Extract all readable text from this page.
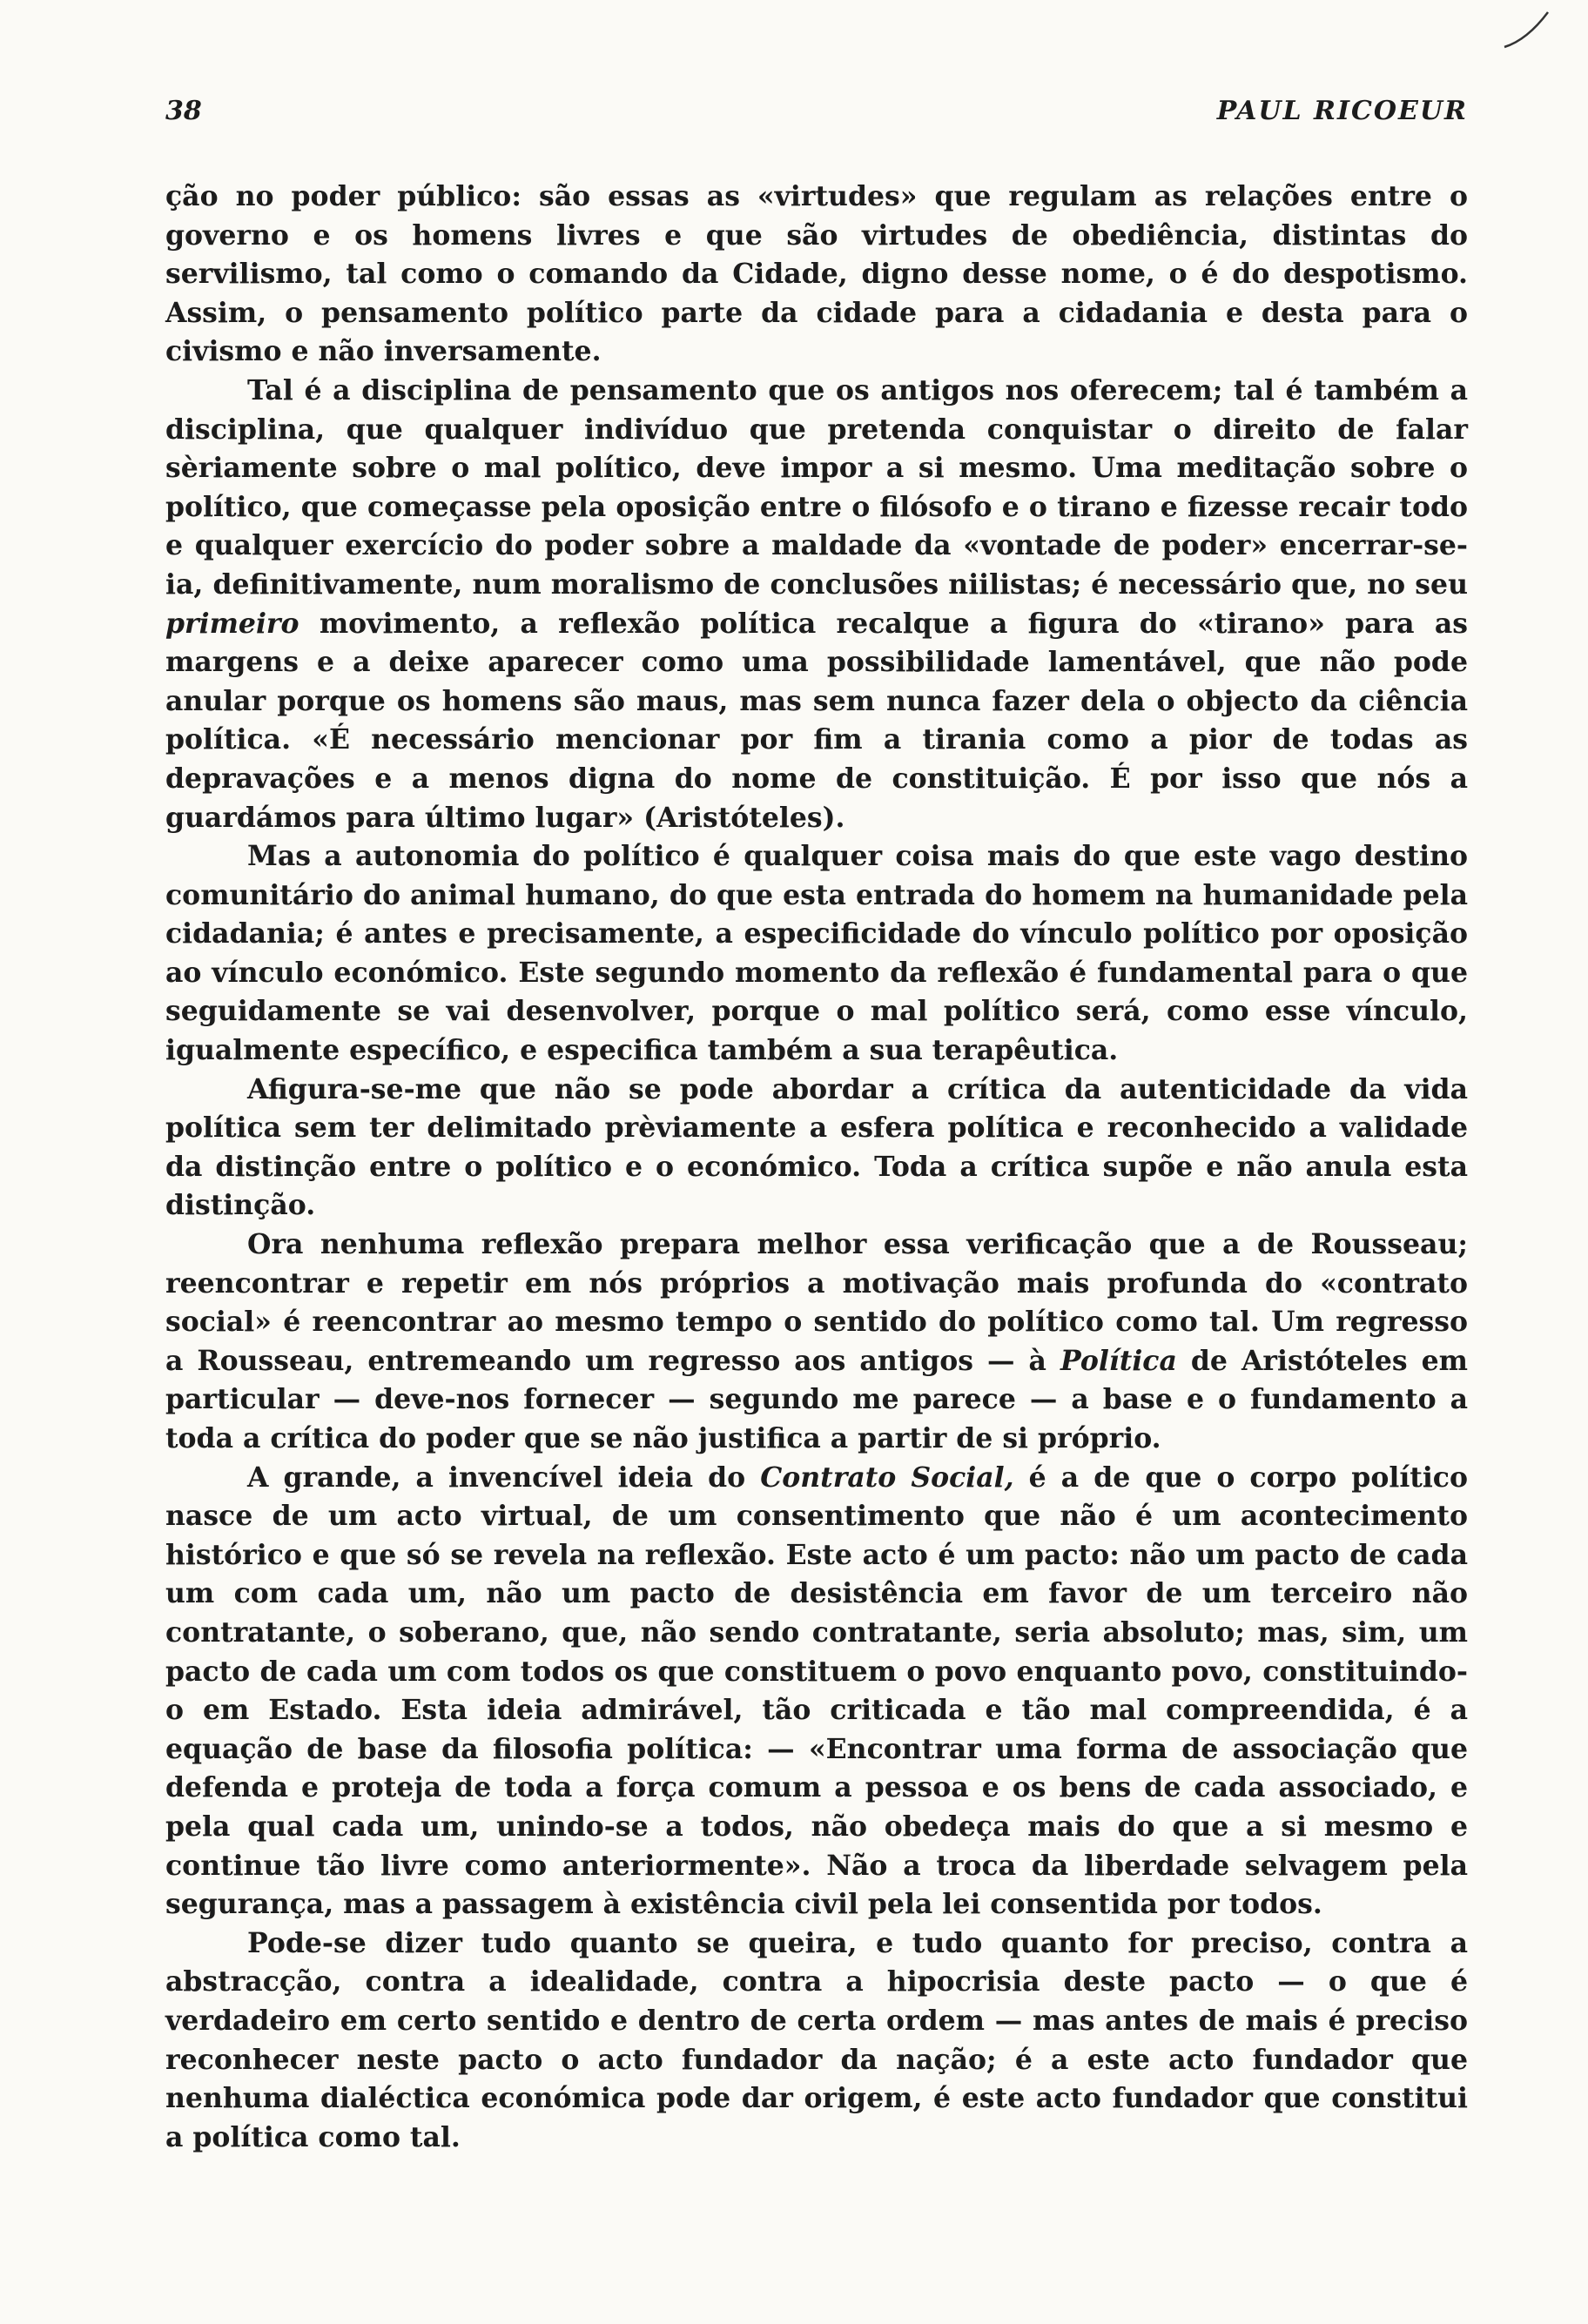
38	PAUL RICOEUR

ção no poder público: são essas as «virtudes» que regulam as relações entre o governo e os homens livres e que são virtudes de obediência, distintas do servilismo, tal como o comando da Cidade, digno desse nome, o é do despotismo. Assim, o pensamento político parte da cidade para a cidadania e desta para o civismo e não inversamente.

Tal é a disciplina de pensamento que os antigos nos oferecem; tal é também a disciplina, que qualquer indivíduo que pretenda conquistar o direito de falar sèriamente sobre o mal político, deve impor a si mesmo. Uma meditação sobre o político, que começasse pela oposição entre o filósofo e o tirano e fizesse recair todo e qualquer exercício do poder sobre a maldade da «vontade de poder» encerrar-se-ia, definitivamente, num moralismo de conclusões niilistas; é necessário que, no seu primeiro movimento, a reflexão política recalque a figura do «tirano» para as margens e a deixe aparecer como uma possibilidade lamentável, que não pode anular porque os homens são maus, mas sem nunca fazer dela o objecto da ciência política. «É necessário mencionar por fim a tirania como a pior de todas as depravações e a menos digna do nome de constituição. É por isso que nós a guardámos para último lugar» (Aristóteles).

Mas a autonomia do político é qualquer coisa mais do que este vago destino comunitário do animal humano, do que esta entrada do homem na humanidade pela cidadania; é antes e precisamente, a especificidade do vínculo político por oposição ao vínculo económico. Este segundo momento da reflexão é fundamental para o que seguidamente se vai desenvolver, porque o mal político será, como esse vínculo, igualmente específico, e especifica também a sua terapêutica.

Afigura-se-me que não se pode abordar a crítica da autenticidade da vida política sem ter delimitado prèviamente a esfera política e reconhecido a validade da distinção entre o político e o económico. Toda a crítica supõe e não anula esta distinção.

Ora nenhuma reflexão prepara melhor essa verificação que a de Rousseau; reencontrar e repetir em nós próprios a motivação mais profunda do «contrato social» é reencontrar ao mesmo tempo o sentido do político como tal. Um regresso a Rousseau, entremeando um regresso aos antigos — à Política de Aristóteles em particular — deve-nos fornecer — segundo me parece — a base e o fundamento a toda a crítica do poder que se não justifica a partir de si próprio.

A grande, a invencível ideia do Contrato Social, é a de que o corpo político nasce de um acto virtual, de um consentimento que não é um acontecimento histórico e que só se revela na reflexão. Este acto é um pacto: não um pacto de cada um com cada um, não um pacto de desistência em favor de um terceiro não contratante, o soberano, que, não sendo contratante, seria absoluto; mas, sim, um pacto de cada um com todos os que constituem o povo enquanto povo, constituindo-o em Estado. Esta ideia admirável, tão criticada e tão mal compreendida, é a equação de base da filosofia política: — «Encontrar uma forma de associação que defenda e proteja de toda a força comum a pessoa e os bens de cada associado, e pela qual cada um, unindo-se a todos, não obedeça mais do que a si mesmo e continue tão livre como anteriormente». Não a troca da liberdade selvagem pela segurança, mas a passagem à existência civil pela lei consentida por todos.

Pode-se dizer tudo quanto se queira, e tudo quanto for preciso, contra a abstracção, contra a idealidade, contra a hipocrisia deste pacto — o que é verdadeiro em certo sentido e dentro de certa ordem — mas antes de mais é preciso reconhecer neste pacto o acto fundador da nação; é a este acto fundador que nenhuma dialéctica económica pode dar origem, é este acto fundador que constitui a política como tal.
